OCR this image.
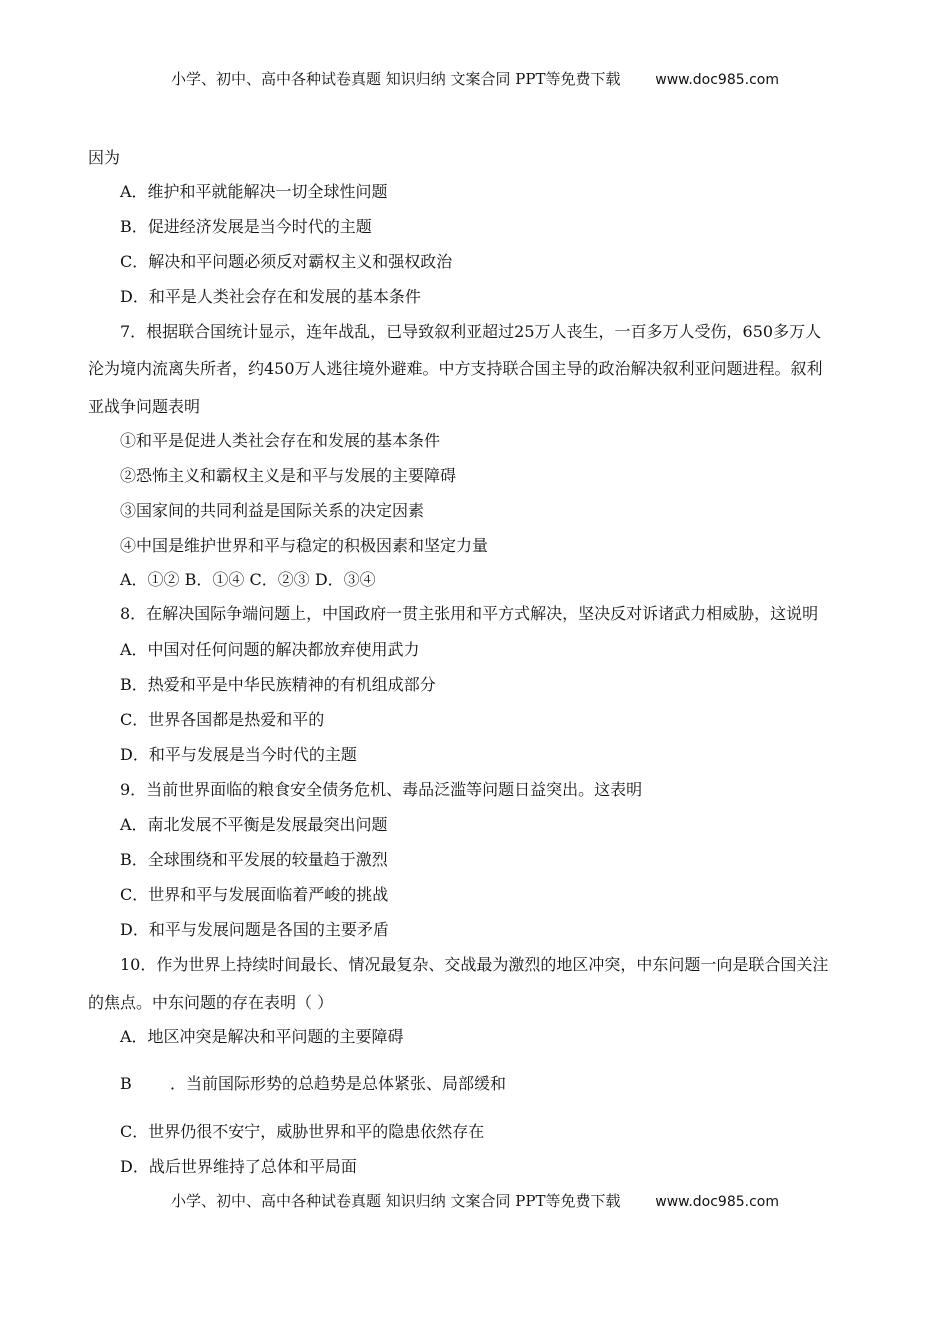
小学、初中、高中各种试卷真题 知识归纳 文案合同 PPT等免费下载 www.doc985.com
因为
A．维护和平就能解决一切全球性问题
B．促进经济发展是当今时代的主题
C．解决和平问题必须反对霸权主义和强权政治
D．和平是人类社会存在和发展的基本条件
7．根据联合国统计显示，连年战乱，已导致叙利亚超过25万人丧生，一百多万人受伤，650多万人
沦为境内流离失所者，约450万人逃往境外避难。中方支持联合国主导的政治解决叙利亚问题进程。叙利
亚战争问题表明
①和平是促进人类社会存在和发展的基本条件
②恐怖主义和霸权主义是和平与发展的主要障碍
③国家间的共同利益是国际关系的决定因素
④中国是维护世界和平与稳定的积极因素和坚定力量
A．①② B．①④ C．②③ D．③④
8．在解决国际争端问题上，中国政府一贯主张用和平方式解决，坚决反对诉诸武力相威胁，这说明
A．中国对任何问题的解决都放弃使用武力
B．热爱和平是中华民族精神的有机组成部分
C．世界各国都是热爱和平的
D．和平与发展是当今时代的主题
9．当前世界面临的粮食安全债务危机、毒品泛滥等问题日益突出。这表明
A．南北发展不平衡是发展最突出问题
B．全球围绕和平发展的较量趋于激烈
C．世界和平与发展面临着严峻的挑战
D．和平与发展问题是各国的主要矛盾
10．作为世界上持续时间最长、情况最复杂、交战最为激烈的地区冲突，中东问题一向是联合国关注
的焦点。中东问题的存在表明（ ）
A．地区冲突是解决和平问题的主要障碍
B ．当前国际形势的总趋势是总体紧张、局部缓和
C．世界仍很不安宁，威胁世界和平的隐患依然存在
D．战后世界维持了总体和平局面
小学、初中、高中各种试卷真题 知识归纳 文案合同 PPT等免费下载 www.doc985.com
